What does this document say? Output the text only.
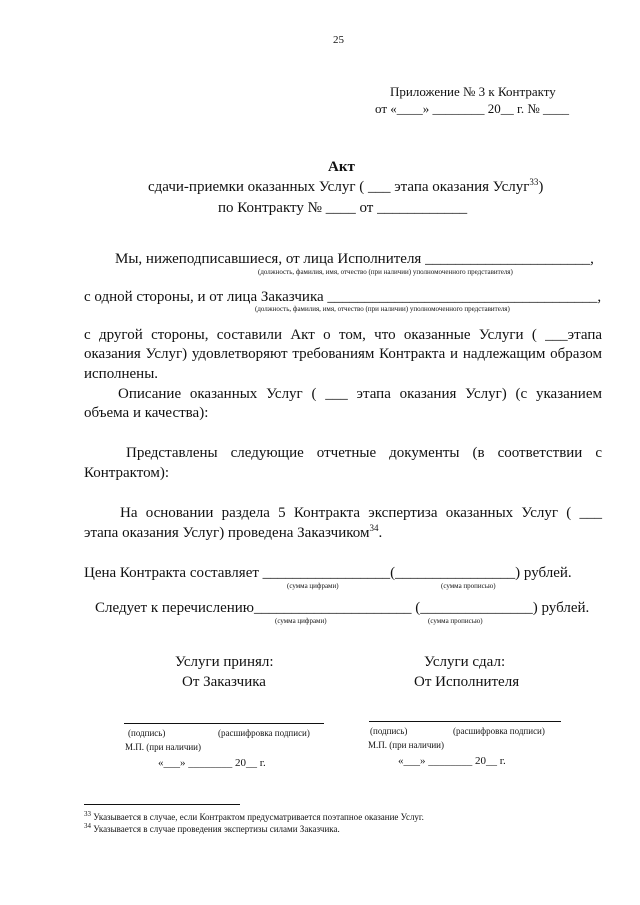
25
Приложение № 3 к Контракту
от «____» ________ 20__ г. № ____
Акт
сдачи-приемки оказанных Услуг ( ___ этапа оказания Услуг$^{33}$)
по Контракту № ____ от ____________
Мы, нижеподписавшиеся, от лица Исполнителя ______________________,
(должность, фамилия, имя, отчество (при наличии) уполномоченного представителя)
с одной стороны, и от лица Заказчика ____________________________________,
(должность, фамилия, имя, отчество (при наличии) уполномоченного представителя)
с другой стороны, составили Акт о том, что оказанные Услуги ( ___этапа
оказания Услуг) удовлетворяют требованиям Контракта и надлежащим образом
исполнены.
Описание оказанных Услуг ( ___ этапа оказания Услуг) (с указанием
объема и качества):
Представлены следующие отчетные документы (в соответствии с
Контрактом):
На основании раздела 5 Контракта экспертиза оказанных Услуг ( ___
этапа оказания Услуг) проведена Заказчиком$^{34}$.
Цена Контракта составляет _________________(________________) рублей.
(сумма цифрами)	(сумма прописью)
Следует к перечислению_____________________ (_______________) рублей.
(сумма цифрами)	(сумма прописью)
Услуги принял:
От Заказчика
(подпись)	(расшифровка подписи)
М.П. (при наличии)
«___» ________ 20__ г.
Услуги сдал:
От Исполнителя
(подпись)	(расшифровка подписи)
М.П. (при наличии)
«___» ________ 20__ г.
$^{33}$ Указывается в случае, если Контрактом предусматривается поэтапное оказание Услуг.
$^{34}$ Указывается в случае проведения экспертизы силами Заказчика.
